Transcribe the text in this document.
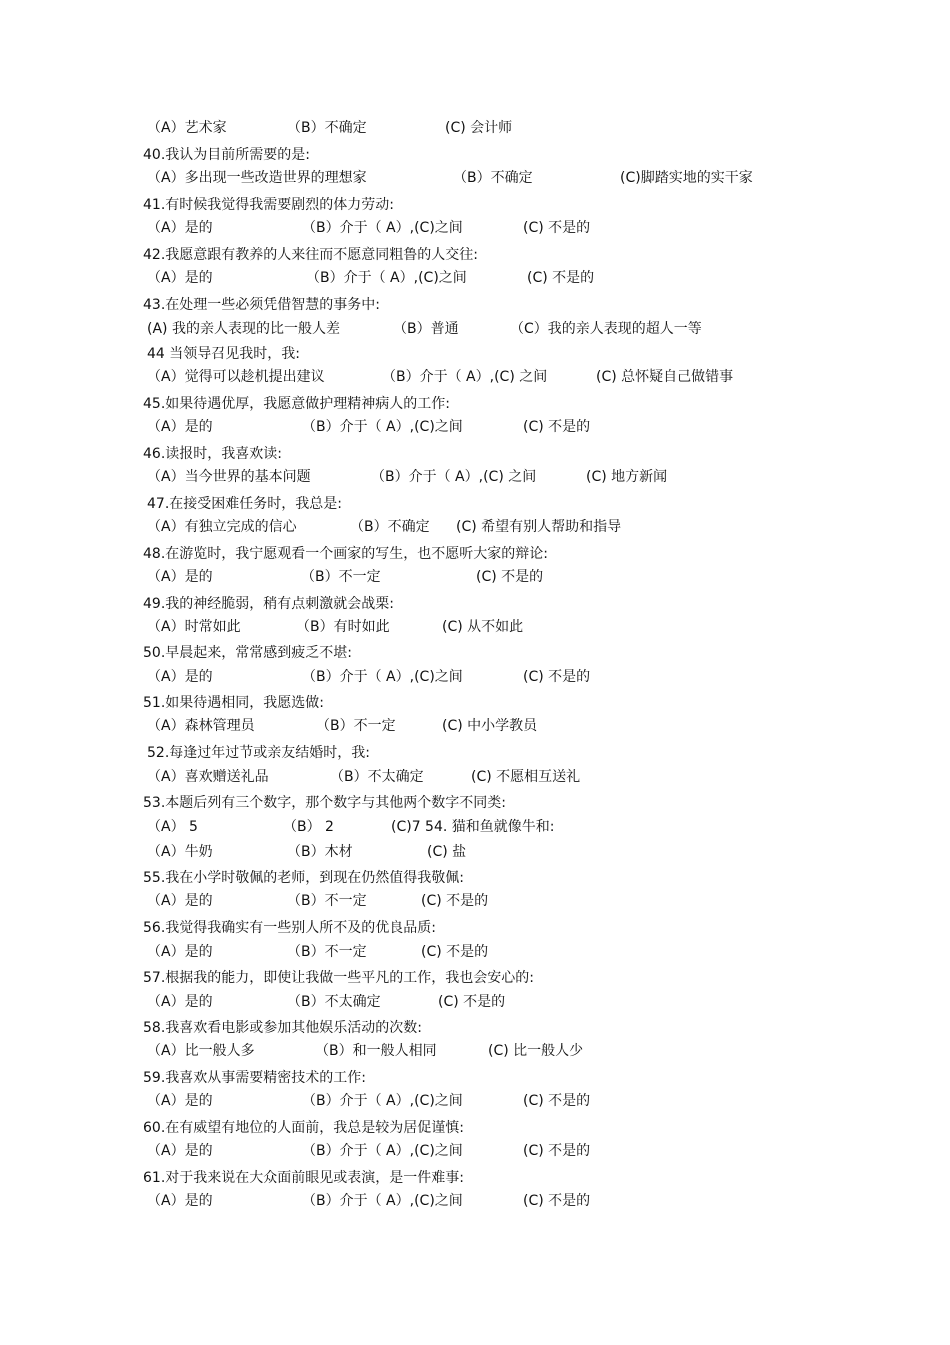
（A）艺术家	（B）不确定	(C) 会计师
40.我认为目前所需要的是:
（A）多出现一些改造世界的理想家	（B）不确定	(C)脚踏实地的实干家
41.有时候我觉得我需要剧烈的体力劳动:
（A）是的	（B）介于（ A）,(C)之间	(C) 不是的
42.我愿意跟有教养的人来往而不愿意同粗鲁的人交往:
（A）是的	（B）介于（ A）,(C)之间	(C) 不是的
43.在处理一些必须凭借智慧的事务中:
(A) 我的亲人表现的比一般人差	（B）普通	（C）我的亲人表现的超人一等
44 当领导召见我时，我:
（A）觉得可以趁机提出建议	（B）介于（ A）,(C) 之间	(C) 总怀疑自己做错事
45.如果待遇优厚，我愿意做护理精神病人的工作:
（A）是的	（B）介于（ A）,(C)之间	(C) 不是的
46.读报时，我喜欢读:
（A）当今世界的基本问题	（B）介于（ A）,(C) 之间	(C) 地方新闻
47.在接受困难任务时，我总是:
（A）有独立完成的信心	（B）不确定 (C) 希望有别人帮助和指导
48.在游览时，我宁愿观看一个画家的写生，也不愿听大家的辩论:
（A）是的	（B）不一定	(C) 不是的
49.我的神经脆弱，稍有点刺激就会战栗:
（A）时常如此	（B）有时如此	(C) 从不如此
50.早晨起来，常常感到疲乏不堪:
（A）是的	（B）介于（ A）,(C)之间	(C) 不是的
51.如果待遇相同，我愿选做:
（A）森林管理员	（B）不一定	(C) 中小学教员
52.每逢过年过节或亲友结婚时，我:
（A）喜欢赠送礼品	（B）不太确定	(C) 不愿相互送礼
53.本题后列有三个数字，那个数字与其他两个数字不同类:
（A） 5	（B） 2	(C)7 54. 猫和鱼就像牛和:
（A）牛奶	（B）木材	(C) 盐
55.我在小学时敬佩的老师，到现在仍然值得我敬佩:
（A）是的	（B）不一定	(C) 不是的
56.我觉得我确实有一些别人所不及的优良品质:
（A）是的	（B）不一定	(C) 不是的
57.根据我的能力，即使让我做一些平凡的工作，我也会安心的:
（A）是的	（B）不太确定	(C) 不是的
58.我喜欢看电影或参加其他娱乐活动的次数:
（A）比一般人多	（B）和一般人相同	(C) 比一般人少
59.我喜欢从事需要精密技术的工作:
（A）是的	（B）介于（ A）,(C)之间	(C) 不是的
60.在有威望有地位的人面前，我总是较为居促谨慎:
（A）是的	（B）介于（ A）,(C)之间	(C) 不是的
61.对于我来说在大众面前眼见或表演，是一件难事:
（A）是的	（B）介于（ A）,(C)之间	(C) 不是的
